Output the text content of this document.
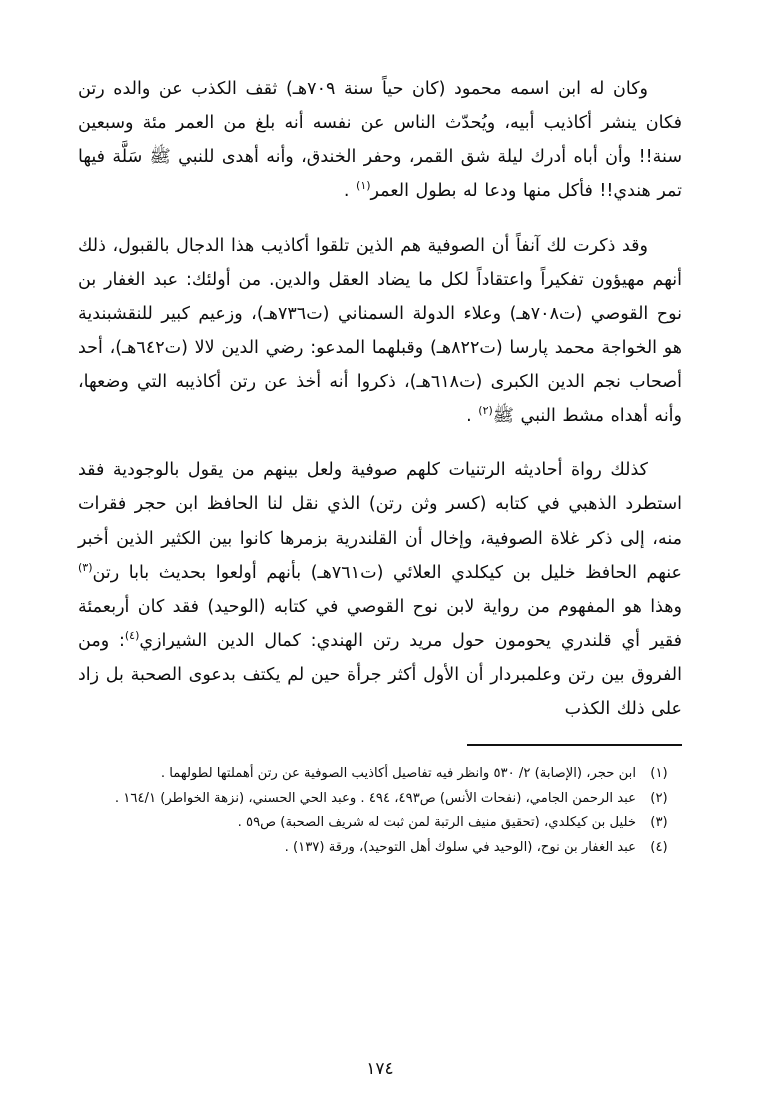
وكان له ابن اسمه محمود (كان حياً سنة ٧٠٩هـ) ثقف الكذب عن والده رتن فكان ينشر أكاذيب أبيه، ويُحدّث الناس عن نفسه أنه بلغ من العمر مئة وسبعين سنة!! وأن أباه أدرك ليلة شق القمر، وحفر الخندق، وأنه أهدى للنبي ﷺ سَلَّة فيها تمر هندي!! فأكل منها ودعا له بطول العمر$^{(١)}$ .

وقد ذكرت لك آنفاً أن الصوفية هم الذين تلقوا أكاذيب هذا الدجال بالقبول، ذلك أنهم مهيؤون تفكيراً واعتقاداً لكل ما يضاد العقل والدين. من أولئك: عبد الغفار بن نوح القوصي (ت٧٠٨هـ) وعلاء الدولة السمناني (ت٧٣٦هـ)، وزعيم كبير للنقشبندية هو الخواجة محمد پارسا (ت٨٢٢هـ) وقبلهما المدعو: رضي الدين لالا (ت٦٤٢هـ)، أحد أصحاب نجم الدين الكبرى (ت٦١٨هـ)، ذكروا أنه أخذ عن رتن أكاذيبه التي وضعها، وأنه أهداه مشط النبي ﷺ$^{(٢)}$ .

كذلك رواة أحاديثه الرتنيات كلهم صوفية ولعل بينهم من يقول بالوجودية فقد استطرد الذهبي في كتابه (كسر وثن رتن) الذي نقل لنا الحافظ ابن حجر فقرات منه، إلى ذكر غلاة الصوفية، وإخال أن القلندرية بزمرها كانوا بين الكثير الذين أخبر عنهم الحافظ خليل بن كيكلدي العلائي (ت٧٦١هـ) بأنهم أولعوا بحديث بابا رتن$^{(٣)}$ وهذا هو المفهوم من رواية لابن نوح القوصي في كتابه (الوحيد) فقد كان أربعمئة فقير أي قلندري يحومون حول مريد رتن الهندي: كمال الدين الشيرازي$^{(٤)}$: ومن الفروق بين رتن وعلمبردار أن الأول أكثر جرأة حين لم يكتف بدعوى الصحبة بل زاد على ذلك الكذب

(١)	ابن حجر، (الإصابة) ٢/ ٥٣٠ وانظر فيه تفاصيل أكاذيب الصوفية عن رتن أهملتها لطولهما .
(٢)	عبد الرحمن الجامي، (نفحات الأنس) ص٤٩٣، ٤٩٤ . وعبد الحي الحسني، (نزهة الخواطر) ١٦٤/١ .
(٣)	خليل بن كيكلدي، (تحقيق منيف الرتبة لمن ثبت له شريف الصحبة) ص٥٩ .
(٤)	عبد الغفار بن نوح، (الوحيد في سلوك أهل التوحيد)، ورقة (١٣٧) .
١٧٤
